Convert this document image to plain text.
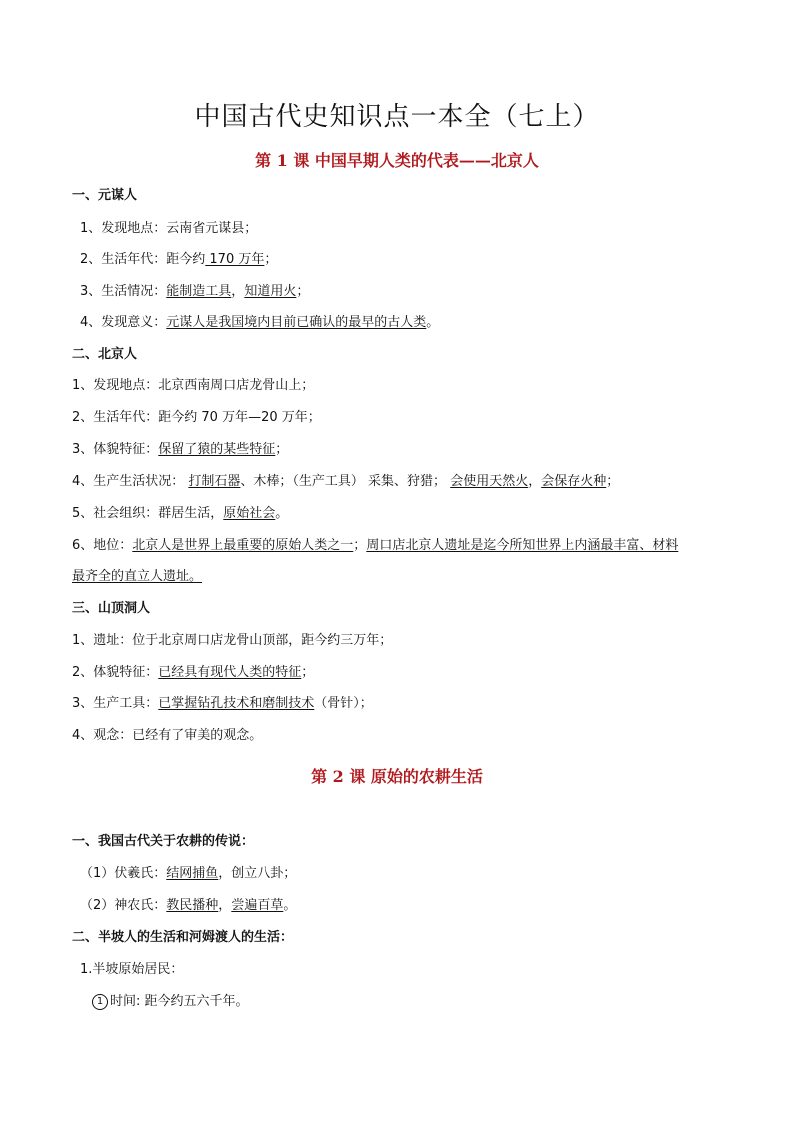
中国古代史知识点一本全（七上）
第 1 课 中国早期人类的代表——北京人
一、元谋人
1、发现地点：云南省元谋县；
2、生活年代：距今约 170 万年；
3、生活情况：能制造工具，知道用火；
4、发现意义：元谋人是我国境内目前已确认的最早的古人类。
二、北京人
1、发现地点：北京西南周口店龙骨山上；
2、生活年代：距今约 70 万年—20 万年；
3、体貌特征：保留了猿的某些特征；
4、生产生活状况： 打制石器、木棒；（生产工具） 采集、狩猎； 会使用天然火，会保存火种；
5、社会组织：群居生活，原始社会。
6、地位：北京人是世界上最重要的原始人类之一；周口店北京人遗址是迄今所知世界上内涵最丰富、材料
最齐全的直立人遗址。
三、山顶洞人
1、遗址：位于北京周口店龙骨山顶部，距今约三万年；
2、体貌特征：已经具有现代人类的特征；
3、生产工具：已掌握钻孔技术和磨制技术（骨针）；
4、观念：已经有了审美的观念。
第 2 课 原始的农耕生活
一、我国古代关于农耕的传说：
（1）伏羲氏：结网捕鱼，创立八卦；
（2）神农氏：教民播种，尝遍百草。
二、半坡人的生活和河姆渡人的生活：
1.半坡原始居民：
1 时间: 距今约五六千年。
